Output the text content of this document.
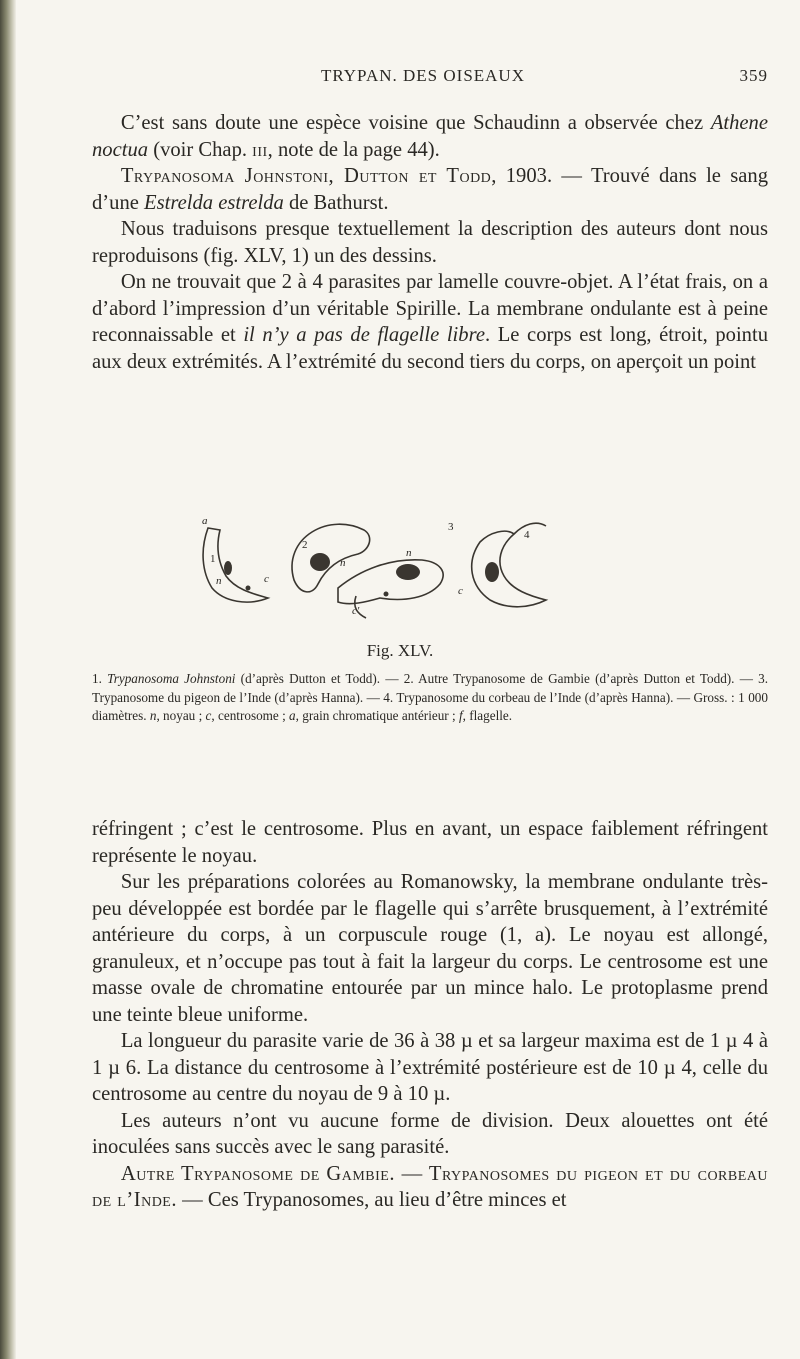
TRYPAN. DES OISEAUX	359

C’est sans doute une espèce voisine que Schaudinn a observée chez Athene noctua (voir Chap. iii, note de la page 44).

Trypanosoma Johnstoni, Dutton et Todd, 1903. — Trouvé dans le sang d’une Estrelda estrelda de Bathurst.

Nous traduisons presque textuellement la description des auteurs dont nous reproduisons (fig. XLV, 1) un des dessins.

On ne trouvait que 2 à 4 parasites par lamelle couvre-objet. A l’état frais, on a d’abord l’impression d’un véritable Spirille. La membrane ondulante est à peine reconnaissable et il n’y a pas de flagelle libre. Le corps est long, étroit, pointu aux deux extrémités. A l’extrémité du second tiers du corps, on aperçoit un point

a
1
2
3
4
n
n
n
c
c
c'
Fig. XLV.
1. Trypanosoma Johnstoni (d’après Dutton et Todd). — 2. Autre Trypanosome de Gambie (d’après Dutton et Todd). — 3. Trypanosome du pigeon de l’Inde (d’après Hanna). — 4. Trypanosome du corbeau de l’Inde (d’après Hanna). — Gross. : 1 000 diamètres. n, noyau ; c, centrosome ; a, grain chromatique antérieur ; f, flagelle.

réfringent ; c’est le centrosome. Plus en avant, un espace faiblement réfringent représente le noyau.

Sur les préparations colorées au Romanowsky, la membrane ondulante très-peu développée est bordée par le flagelle qui s’arrête brusquement, à l’extrémité antérieure du corps, à un corpuscule rouge (1, a). Le noyau est allongé, granuleux, et n’occupe pas tout à fait la largeur du corps. Le centrosome est une masse ovale de chromatine entourée par un mince halo. Le protoplasme prend une teinte bleue uniforme.

La longueur du parasite varie de 36 à 38 µ et sa largeur maxima est de 1 µ 4 à 1 µ 6. La distance du centrosome à l’extrémité postérieure est de 10 µ 4, celle du centrosome au centre du noyau de 9 à 10 µ.

Les auteurs n’ont vu aucune forme de division. Deux alouettes ont été inoculées sans succès avec le sang parasité.

Autre Trypanosome de Gambie. — Trypanosomes du pigeon et du corbeau de l’Inde. — Ces Trypanosomes, au lieu d’être minces et
